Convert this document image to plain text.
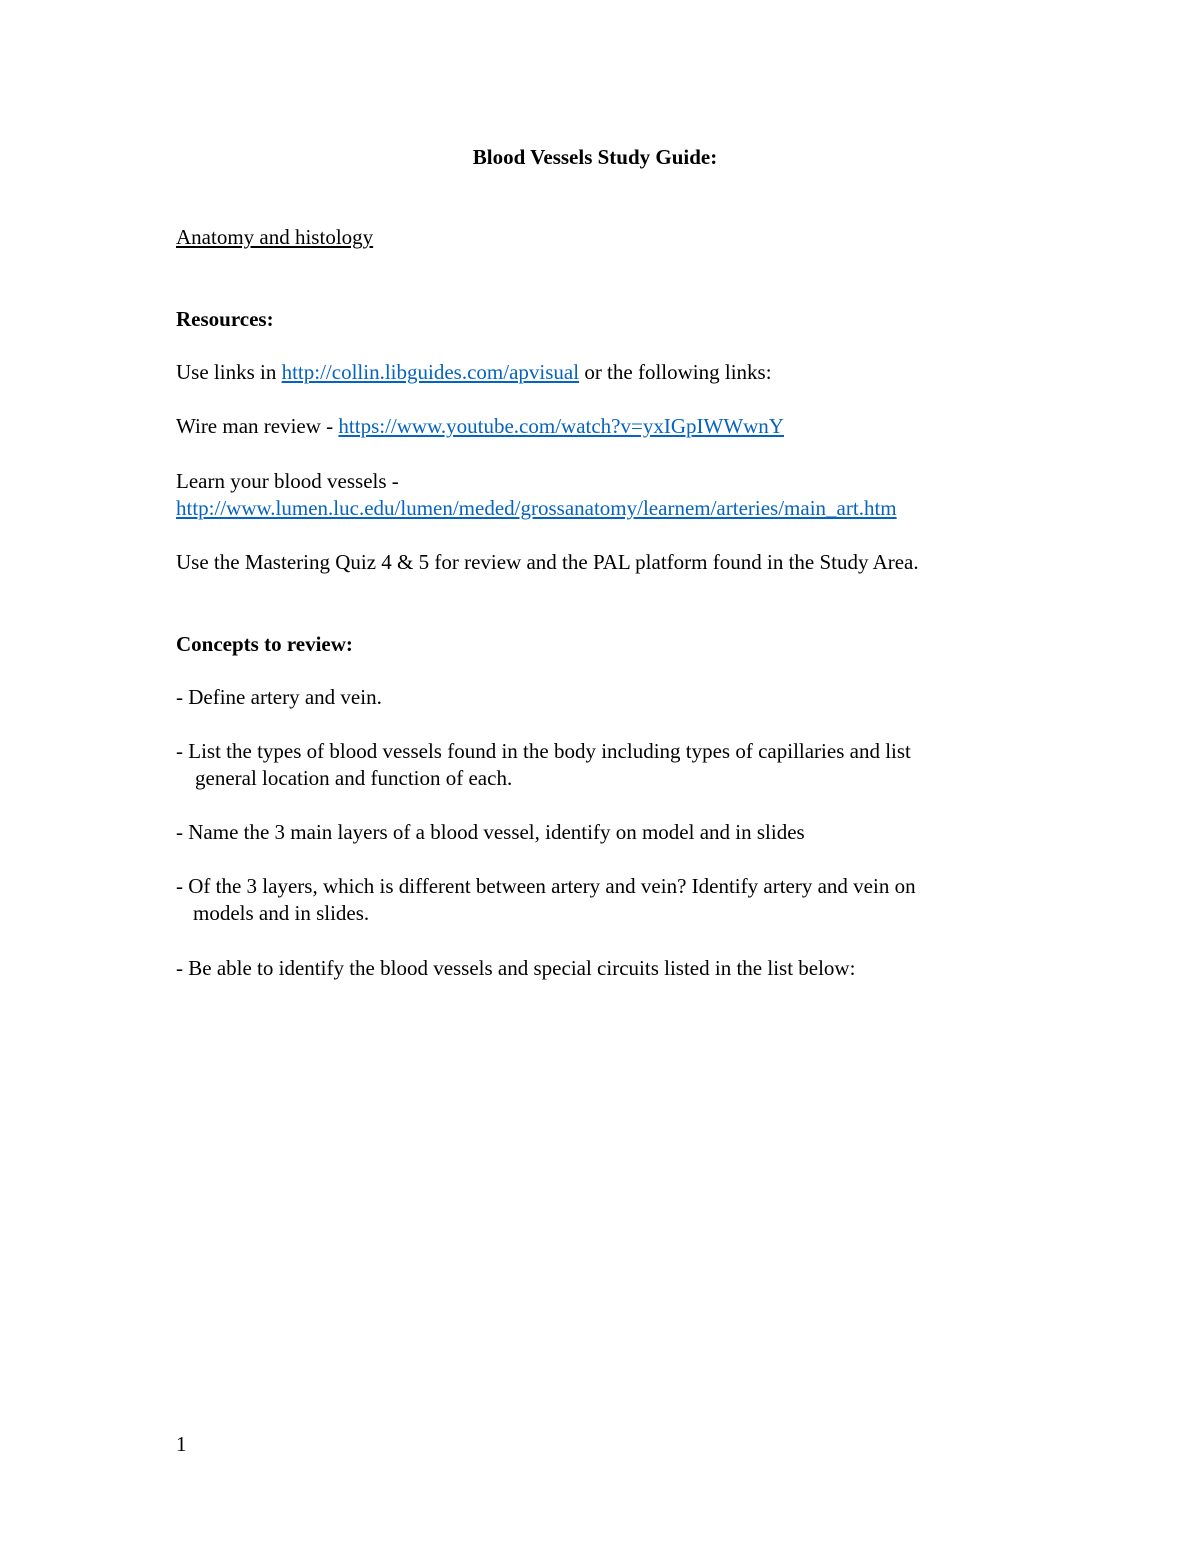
Blood Vessels Study Guide:
Anatomy and histology
Resources:
Use links in http://collin.libguides.com/apvisual or the following links:
Wire man review - https://www.youtube.com/watch?v=yxIGpIWWwnY
Learn your blood vessels -
http://www.lumen.luc.edu/lumen/meded/grossanatomy/learnem/arteries/main_art.htm
Use the Mastering Quiz 4 & 5 for review and the PAL platform found in the Study Area.
Concepts to review:
- Define artery and vein.
- List the types of blood vessels found in the body including types of capillaries and list
general location and function of each.
- Name the 3 main layers of a blood vessel, identify on model and in slides
- Of the 3 layers, which is different between artery and vein? Identify artery and vein on
models and in slides.
- Be able to identify the blood vessels and special circuits listed in the list below:
1
